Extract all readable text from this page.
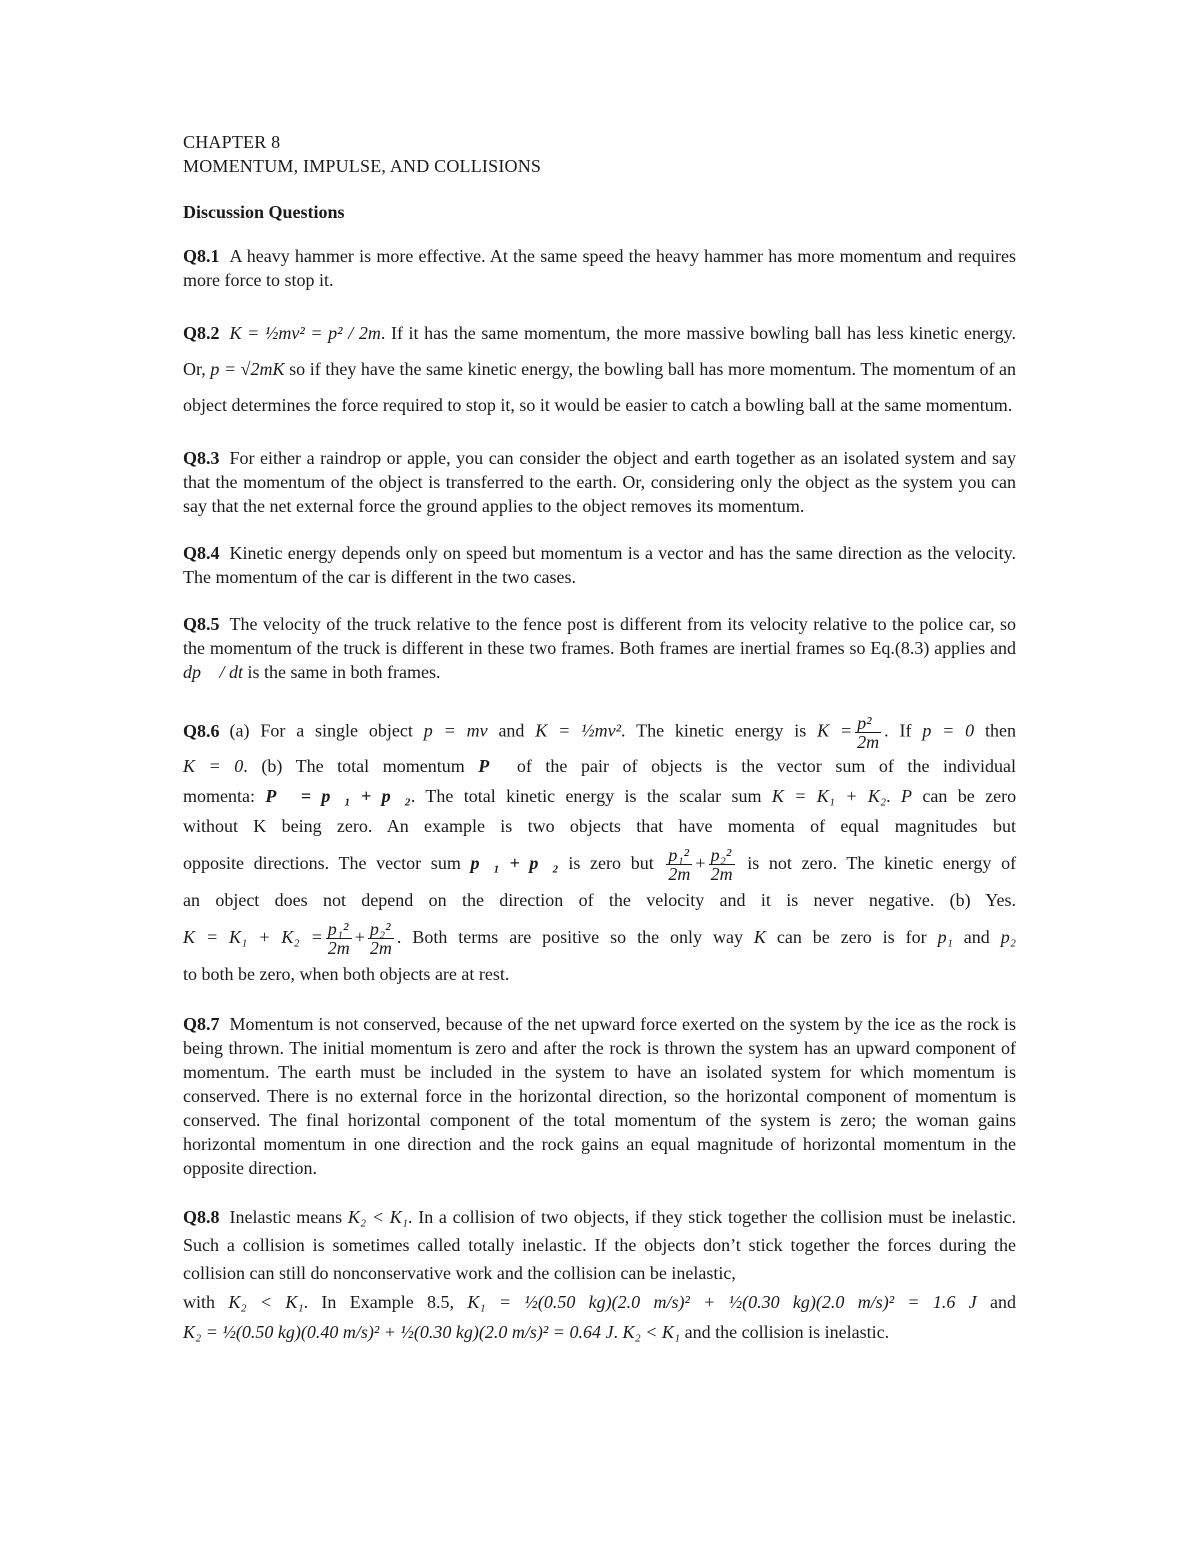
CHAPTER 8

MOMENTUM, IMPULSE, AND COLLISIONS

Discussion Questions

Q8.1 A heavy hammer is more effective. At the same speed the heavy hammer has more momentum and requires more force to stop it.

Q8.2 K = ½mv² = p² / 2m. If it has the same momentum, the more massive bowling ball has less kinetic energy. Or, p = √2mK so if they have the same kinetic energy, the bowling ball has more momentum. The momentum of an object determines the force required to stop it, so it would be easier to catch a bowling ball at the same momentum.

Q8.3 For either a raindrop or apple, you can consider the object and earth together as an isolated system and say that the momentum of the object is transferred to the earth. Or, considering only the object as the system you can say that the net external force the ground applies to the object removes its momentum.

Q8.4 Kinetic energy depends only on speed but momentum is a vector and has the same direction as the velocity. The momentum of the car is different in the two cases.

Q8.5 The velocity of the truck relative to the fence post is different from its velocity relative to the police car, so the momentum of the truck is different in these two frames. Both frames are inertial frames so Eq.(8.3) applies and dp⃗ / dt is the same in both frames.

Q8.6 (a) For a single object p = mv and K = ½mv². The kinetic energy is $K = \frac{\text{p²}}{2m}$ . If p = 0 then
K = 0. (b) The total momentum P⃗ of the pair of objects is the vector sum of the individual
momenta: P⃗ = p⃗₁ + p⃗₂. The total kinetic energy is the scalar sum K = K₁ + K₂. P can be zero
without K being zero. An example is two objects that have momenta of equal magnitudes but
opposite directions. The vector sum p⃗₁ + p⃗₂ is zero but $\frac{\text{p₁²}}{2m} + \frac{\text{p₂²}}{2m}$ is not zero. The kinetic energy of
an object does not depend on the direction of the velocity and it is never negative. (b) Yes.
$K = K_1 + K_2 = \frac{\text{p₁²}}{2m} + \frac{\text{p₂²}}{2m}$ . Both terms are positive so the only way K can be zero is for p₁ and p₂
to both be zero, when both objects are at rest.

Q8.7 Momentum is not conserved, because of the net upward force exerted on the system by the ice as the rock is being thrown. The initial momentum is zero and after the rock is thrown the system has an upward component of momentum. The earth must be included in the system to have an isolated system for which momentum is conserved. There is no external force in the horizontal direction, so the horizontal component of momentum is conserved. The final horizontal component of the total momentum of the system is zero; the woman gains horizontal momentum in one direction and the rock gains an equal magnitude of horizontal momentum in the opposite direction.

Q8.8 Inelastic means K₂ < K₁. In a collision of two objects, if they stick together the collision must be inelastic. Such a collision is sometimes called totally inelastic. If the objects don’t stick together the forces during the collision can still do nonconservative work and the collision can be inelastic,
with K₂ < K₁. In Example 8.5, K₁ = ½(0.50 kg)(2.0 m/s)² + ½(0.30 kg)(2.0 m/s)² = 1.6 J and
K₂ = ½(0.50 kg)(0.40 m/s)² + ½(0.30 kg)(2.0 m/s)² = 0.64 J. K₂ < K₁ and the collision is inelastic.
